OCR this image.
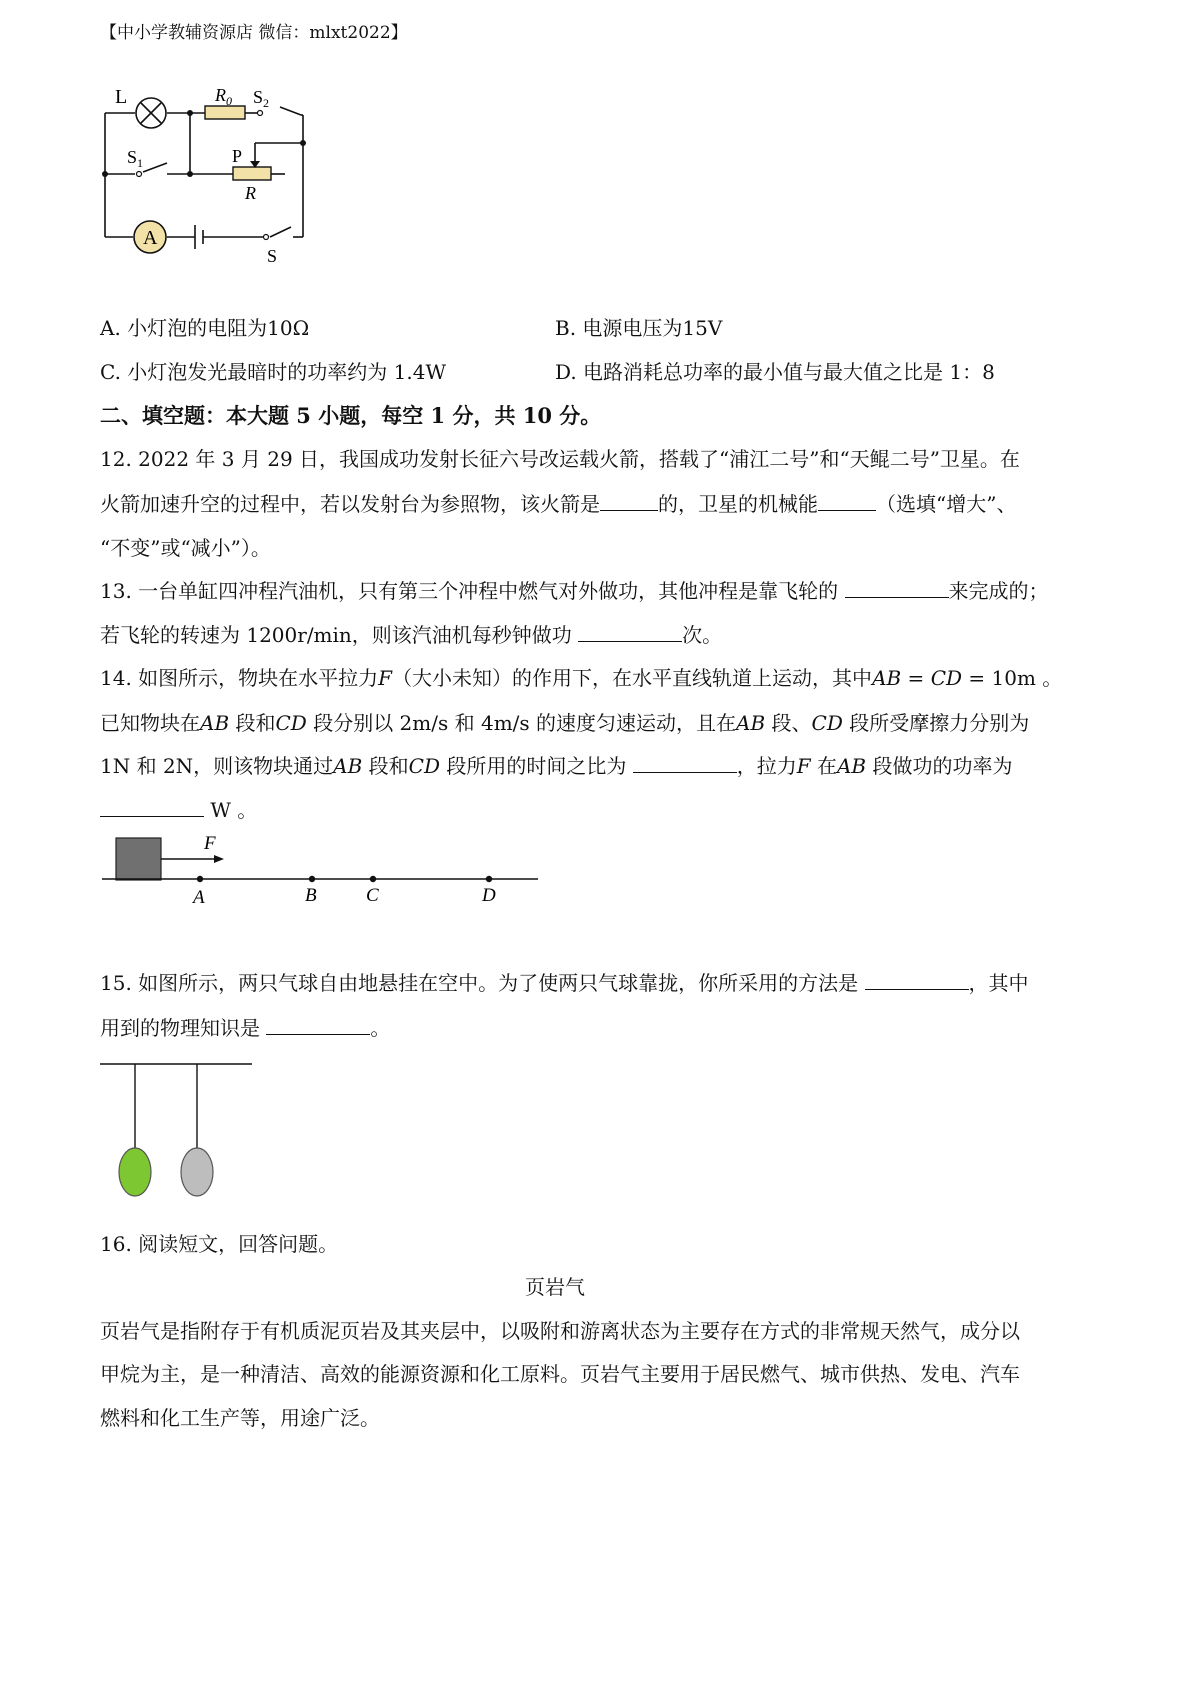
【中小学教辅资源店 微信：mlxt2022】
L	$R_0$ $S_2$
$S_1$	P
R
A
S
A. 小灯泡的电阻为10Ω	B. 电源电压为15V
C. 小灯泡发光最暗时的功率约为 1.4W	D. 电路消耗总功率的最小值与最大值之比是 1：8
二、填空题：本大题 5 小题，每空 1 分，共 10 分。
12. 2022 年 3 月 29 日，我国成功发射长征六号改运载火箭，搭载了“浦江二号”和“天鲲二号”卫星。在
火箭加速升空的过程中，若以发射台为参照物，该火箭是	的，卫星的机械能	（选填“增大”、
“不变”或“减小”）。
13. 一台单缸四冲程汽油机，只有第三个冲程中燃气对外做功，其他冲程是靠飞轮的	来完成的；
若飞轮的转速为 1200r/min，则该汽油机每秒钟做功	次。
14. 如图所示，物块在水平拉力F（大小未知）的作用下，在水平直线轨道上运动，其中AB = CD = 10m 。
已知物块在AB 段和CD 段分别以 2m/s 和 4m/s 的速度匀速运动，且在AB 段、CD 段所受摩擦力分别为
1N 和 2N，则该物块通过AB 段和CD 段所用的时间之比为	，拉力F 在AB 段做功的功率为
W 。
F
A	B	C	D
15. 如图所示，两只气球自由地悬挂在空中。为了使两只气球靠拢，你所采用的方法是	，其中
用到的物理知识是	。
16. 阅读短文，回答问题。
页岩气
页岩气是指附存于有机质泥页岩及其夹层中，以吸附和游离状态为主要存在方式的非常规天然气，成分以
甲烷为主，是一种清洁、高效的能源资源和化工原料。页岩气主要用于居民燃气、城市供热、发电、汽车
燃料和化工生产等，用途广泛。
